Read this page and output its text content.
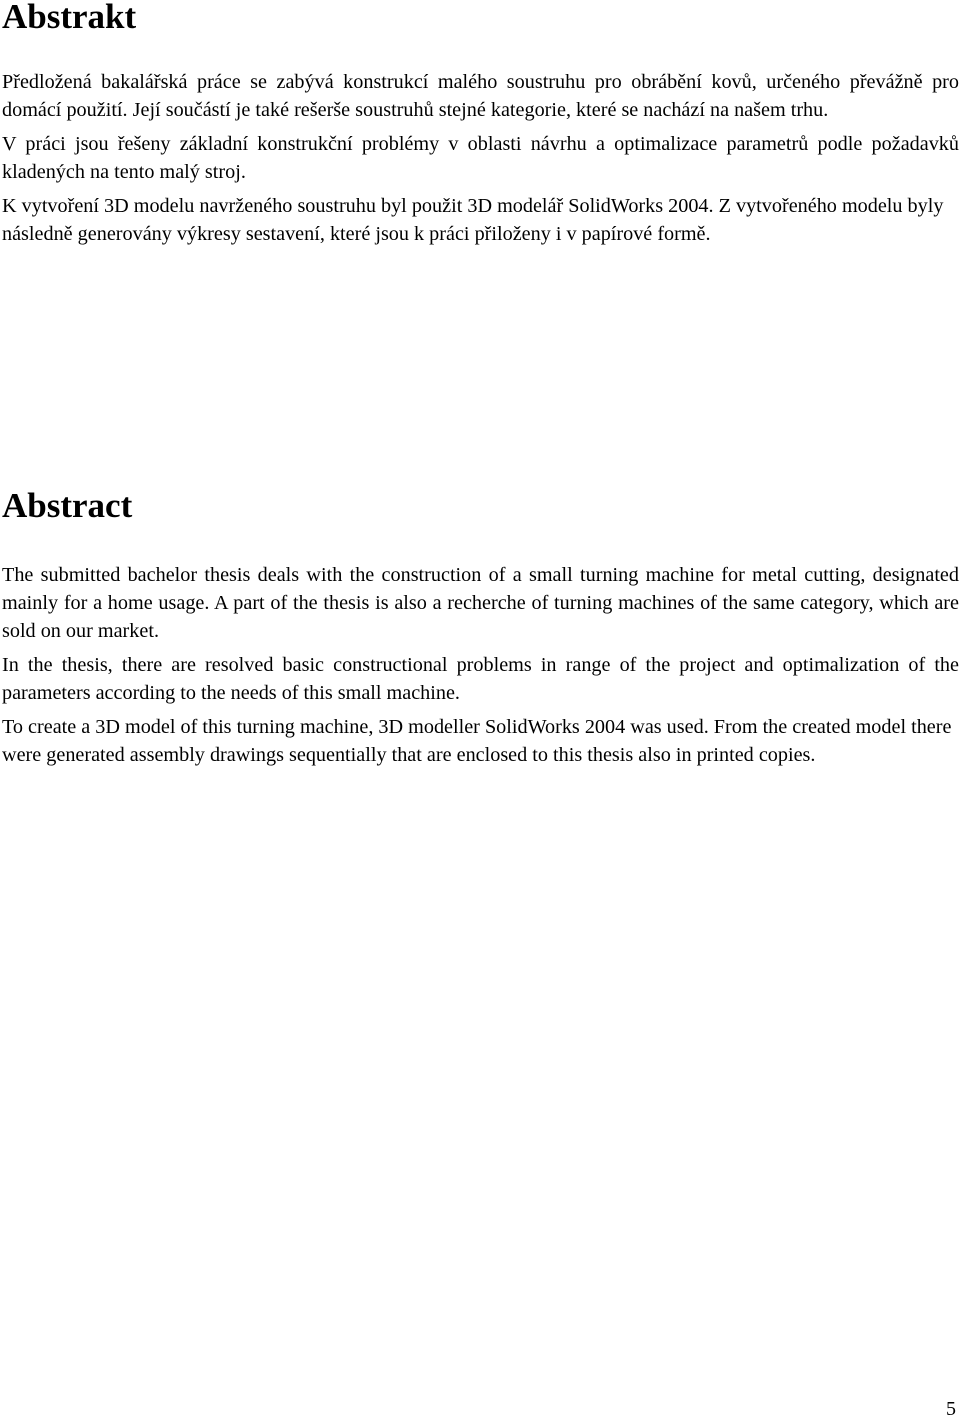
Abstrakt

Předložená bakalářská práce se zabývá konstrukcí malého soustruhu pro obrábění kovů, určeného převážně pro domácí použití. Její součástí je také rešerše soustruhů stejné kategorie, které se nachází na našem trhu.

V práci jsou řešeny základní konstrukční problémy v oblasti návrhu a optimalizace parametrů podle požadavků kladených na tento malý stroj.

K vytvoření 3D modelu navrženého soustruhu byl použit 3D modelář SolidWorks 2004. Z vytvořeného modelu byly následně generovány výkresy sestavení, které jsou k práci přiloženy i v papírové formě.

Abstract

The submitted bachelor thesis deals with the construction of a small turning machine for metal cutting, designated mainly for a home usage. A part of the thesis is also a recherche of turning machines of the same category, which are sold on our market.

In the thesis, there are resolved basic constructional problems in range of the project and optimalization of the parameters according to the needs of this small machine.

To create a 3D model of this turning machine, 3D modeller SolidWorks 2004 was used. From the created model there were generated assembly drawings sequentially that are enclosed to this thesis also in printed copies.

5
